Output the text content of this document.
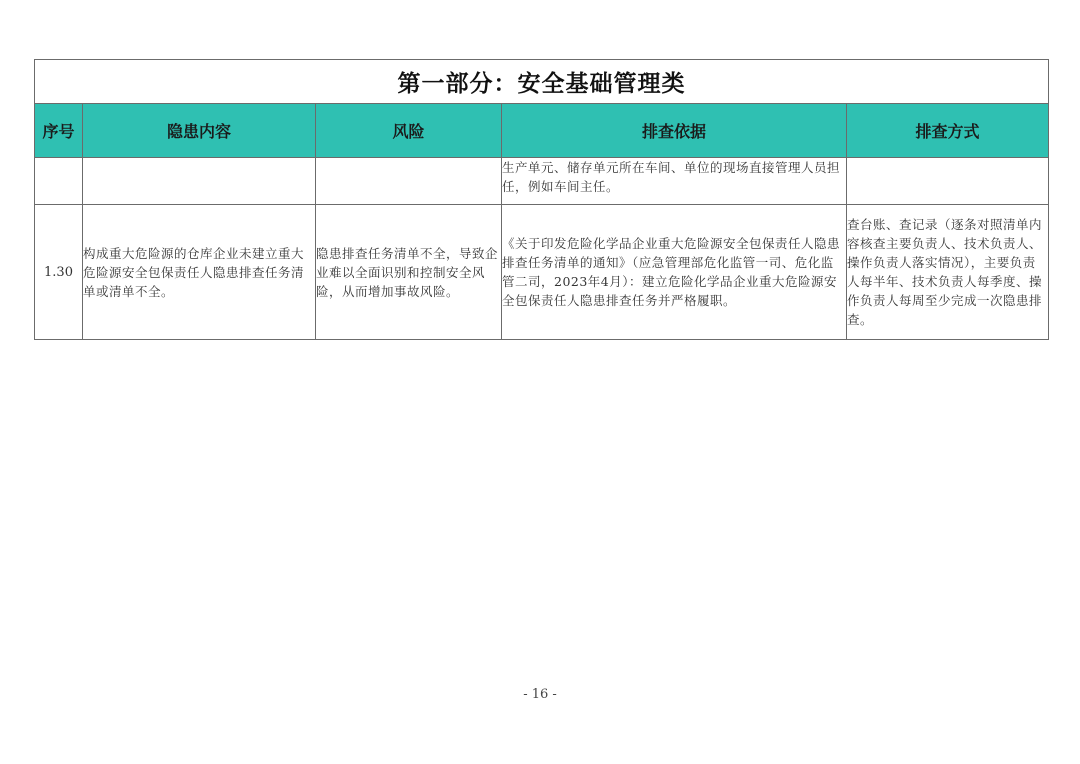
第一部分：安全基础管理类				
序号	隐患内容	风险	排查依据	排查方式
			生产单元、储存单元所在车间、单位的现场直接管理人员担任，例如车间主任。	
1.30	构成重大危险源的仓库企业未建立重大危险源安全包保责任人隐患排查任务清单或清单不全。	隐患排查任务清单不全，导致企业难以全面识别和控制安全风险，从而增加事故风险。	《关于印发危险化学品企业重大危险源安全包保责任人隐患排查任务清单的通知》（应急管理部危化监管一司、危化监管二司，2023年4月）：建立危险化学品企业重大危险源安全包保责任人隐患排查任务并严格履职。	查台账、查记录（逐条对照清单内容核查主要负责人、技术负责人、操作负责人落实情况），主要负责人每半年、技术负责人每季度、操作负责人每周至少完成一次隐患排查。
- 16 -
